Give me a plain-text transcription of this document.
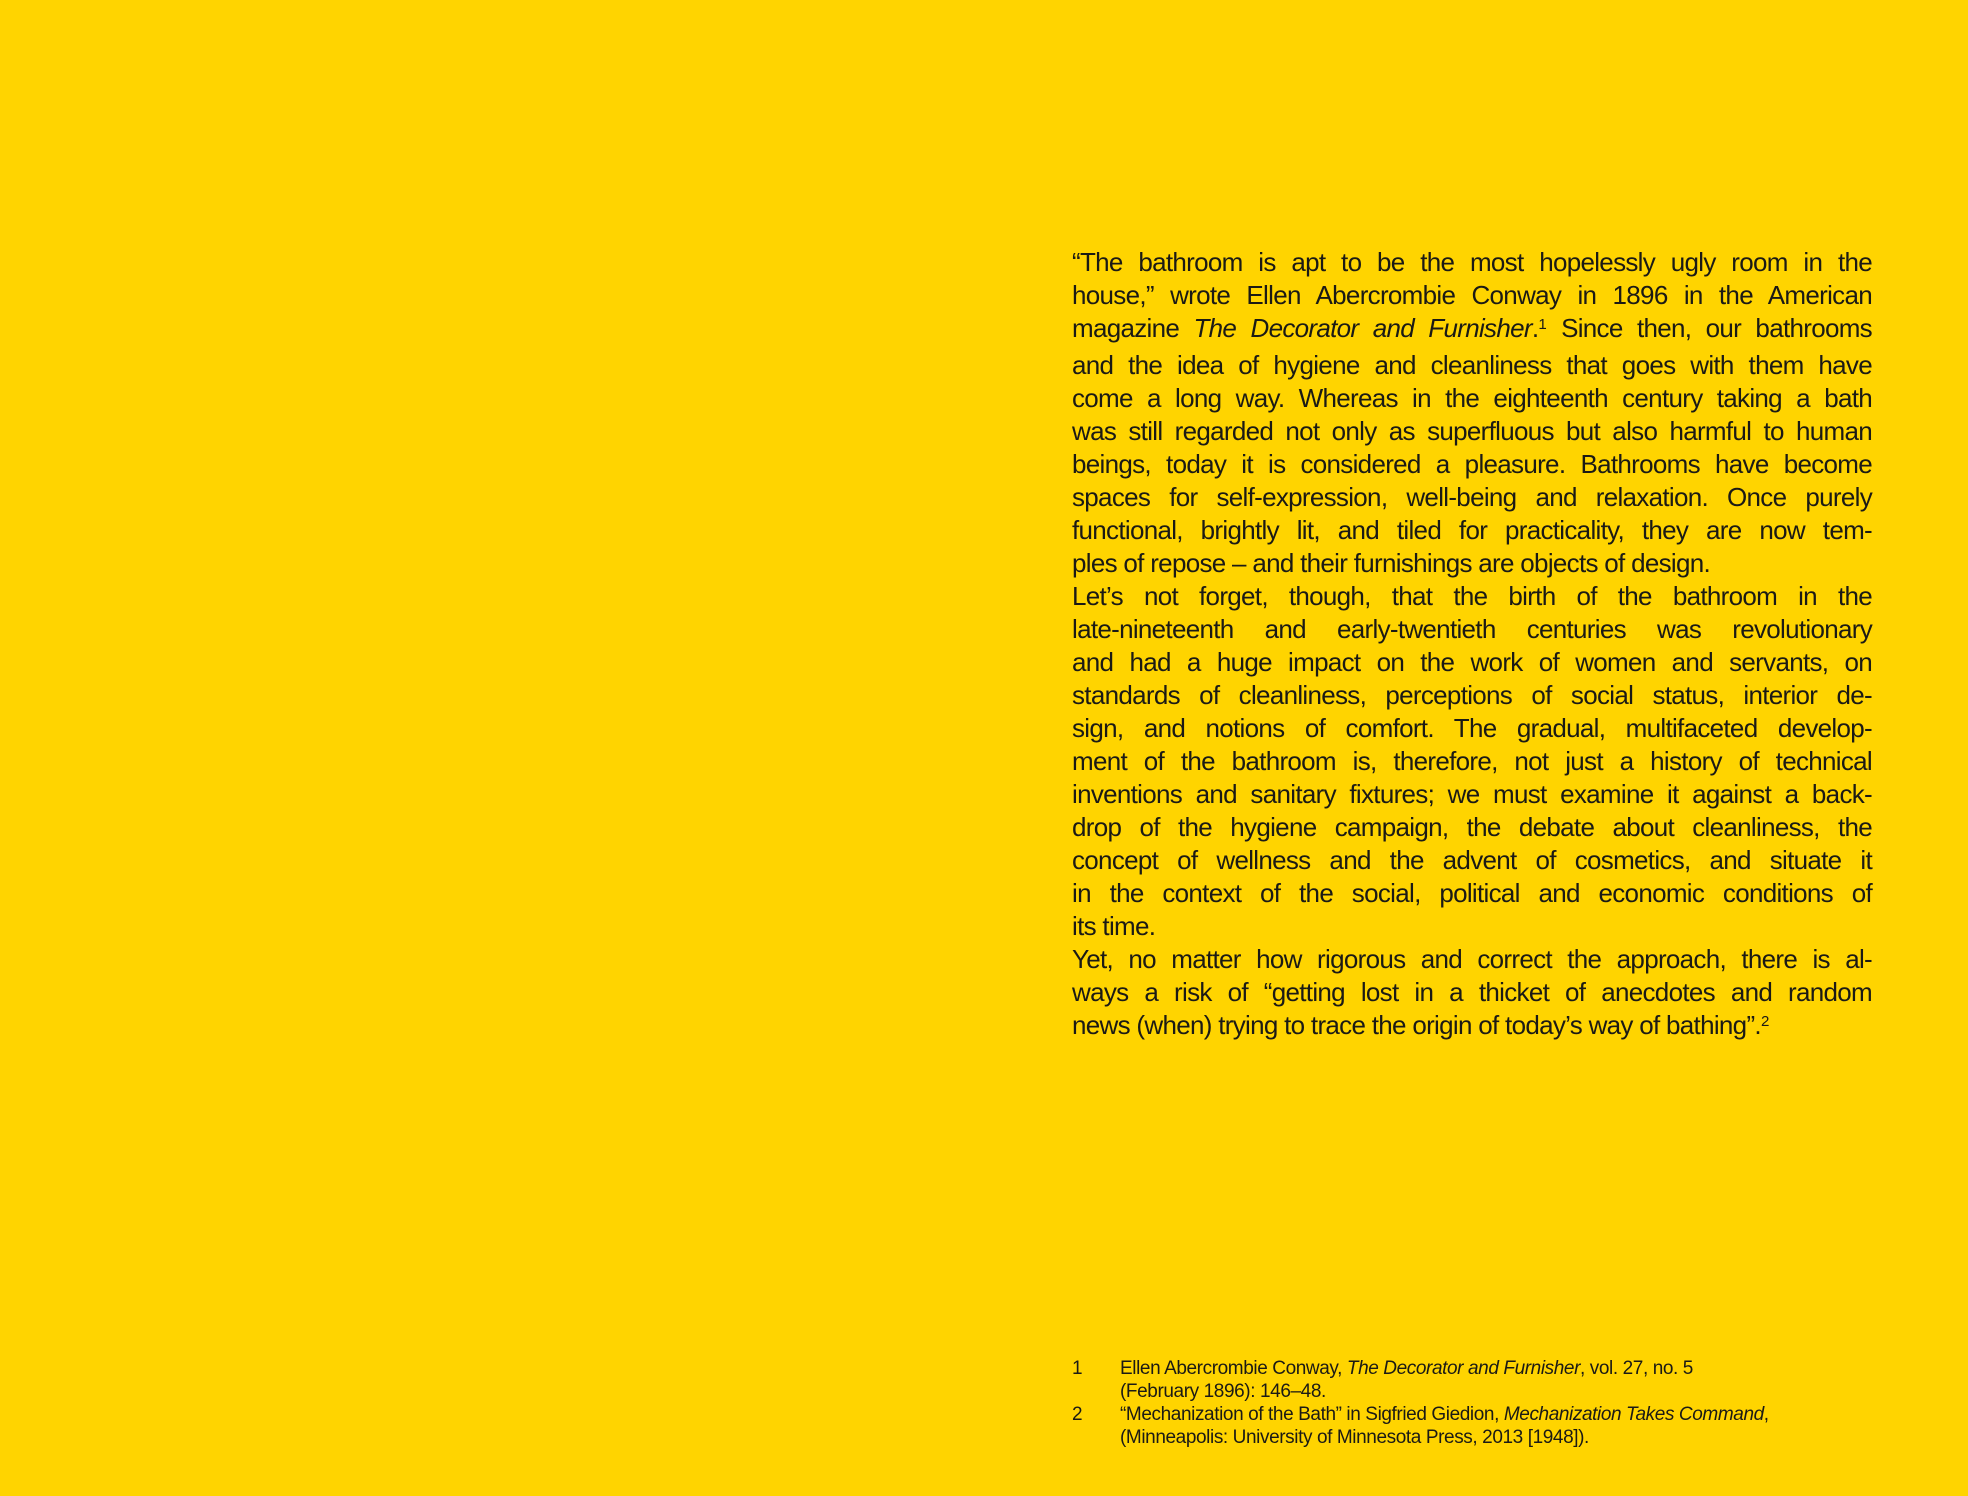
“The bathroom is apt to be the most hopelessly ugly room in the
house,” wrote Ellen Abercrombie Conway in 1896 in the American
magazine The Decorator and Furnisher.$^1$ Since then, our bathrooms
and the idea of hygiene and cleanliness that goes with them have
come a long way. Whereas in the eighteenth century taking a bath
was still regarded not only as superfluous but also harmful to human
beings, today it is considered a pleasure. Bathrooms have become
spaces for self-expression, well-being and relaxation. Once purely
functional, brightly lit, and tiled for practicality, they are now tem-
ples of repose – and their furnishings are objects of design.
Let’s not forget, though, that the birth of the bathroom in the
late-nineteenth and early-twentieth centuries was revolutionary
and had a huge impact on the work of women and servants, on
standards of cleanliness, perceptions of social status, interior de-
sign, and notions of comfort. The gradual, multifaceted develop-
ment of the bathroom is, therefore, not just a history of technical
inventions and sanitary fixtures; we must examine it against a back-
drop of the hygiene campaign, the debate about cleanliness, the
concept of wellness and the advent of cosmetics, and situate it
in the context of the social, political and economic conditions of
its time.
Yet, no matter how rigorous and correct the approach, there is al-
ways a risk of “getting lost in a thicket of anecdotes and random
news (when) trying to trace the origin of today’s way of bathing”.$^2$
1	Ellen Abercrombie Conway, The Decorator and Furnisher, vol. 27, no. 5
(February 1896): 146–48.
2	“Mechanization of the Bath” in Sigfried Giedion, Mechanization Takes Command,
(Minneapolis: University of Minnesota Press, 2013 [1948]).
